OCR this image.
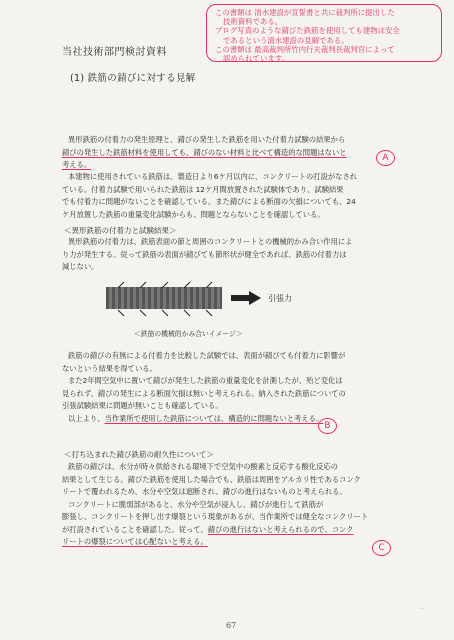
この書類は 清水建設が宣誓書と共に裁判所に提出した
技術資料である。
ブログ写真のような錆びた鉄筋を使用しても建物は安全
であるという清水建設の見解である。
この書類は 最高裁判所竹内行夫裁判長裁判官によって
認められています。
当社技術部門検討資料
(1) 鉄筋の錆びに対する見解
異形鉄筋の付着力の発生原理と、錆びの発生した鉄筋を用いた付着力試験の結果から
錆びの発生した鉄筋材料を使用しても、錆びのない材料と比べて構造的な問題はないと
考える。
A
本建物に使用されている鉄筋は、製造日より6ケ月以内に、コンクリートの打設がなされ
ている。付着力試験で用いられた鉄筋は 12ケ月間放置された試験体であり、試験結果
でも付着力に問題がないことを確認している。また錆びによる断面の欠損についても、24
ケ月放置した鉄筋の重量変化試験からも、問題とならないことを確認している。
＜異形鉄筋の付着力と試験結果＞
異形鉄筋の付着力は、鉄筋表面の節と周囲のコンクリートとの機械的かみ合い作用によ
り力が発生する。従って鉄筋の表面が錆びても節形状が健全であれば、鉄筋の付着力は
減じない。
引張力
＜鉄筋の機械的かみ合いイメージ＞
鉄筋の錆びの有無による付着力を比較した試験では、表面が錆びても付着力に影響が
ないという結果を得ている。
また2年間空気中に置いて錆びが発生した鉄筋の重量変化を計測したが、殆ど変化は
見られず、錆びの発生による断面欠損は無いと考えられる。納入された鉄筋についての
引張試験結果に問題が無いことも確認している。
以上より、当作業所で使用した鉄筋については、構造的に問題ないと考える。
B
＜打ち込まれた錆び鉄筋の耐久性について＞
鉄筋の錆びは、水分が時々供給される環境下で空気中の酸素と反応する酸化反応の
結果として生じる。錆びた鉄筋を使用した場合でも、鉄筋は周囲をアルカリ性であるコンク
リートで覆われるため、水分や空気は遮断され、錆びの進行はないものと考えられる。
コンクリートに脆弱部があると、水分や空気が浸入し、錆びが進行して鉄筋が
膨張し、コンクリートを押し出す爆裂という現象があるが、当作業所では健全なコンクリート
が打設されていることを確認した。従って、錆びの進行はないと考えられるので、コンク
リートの爆裂については心配ないと考える。
C
67
··
